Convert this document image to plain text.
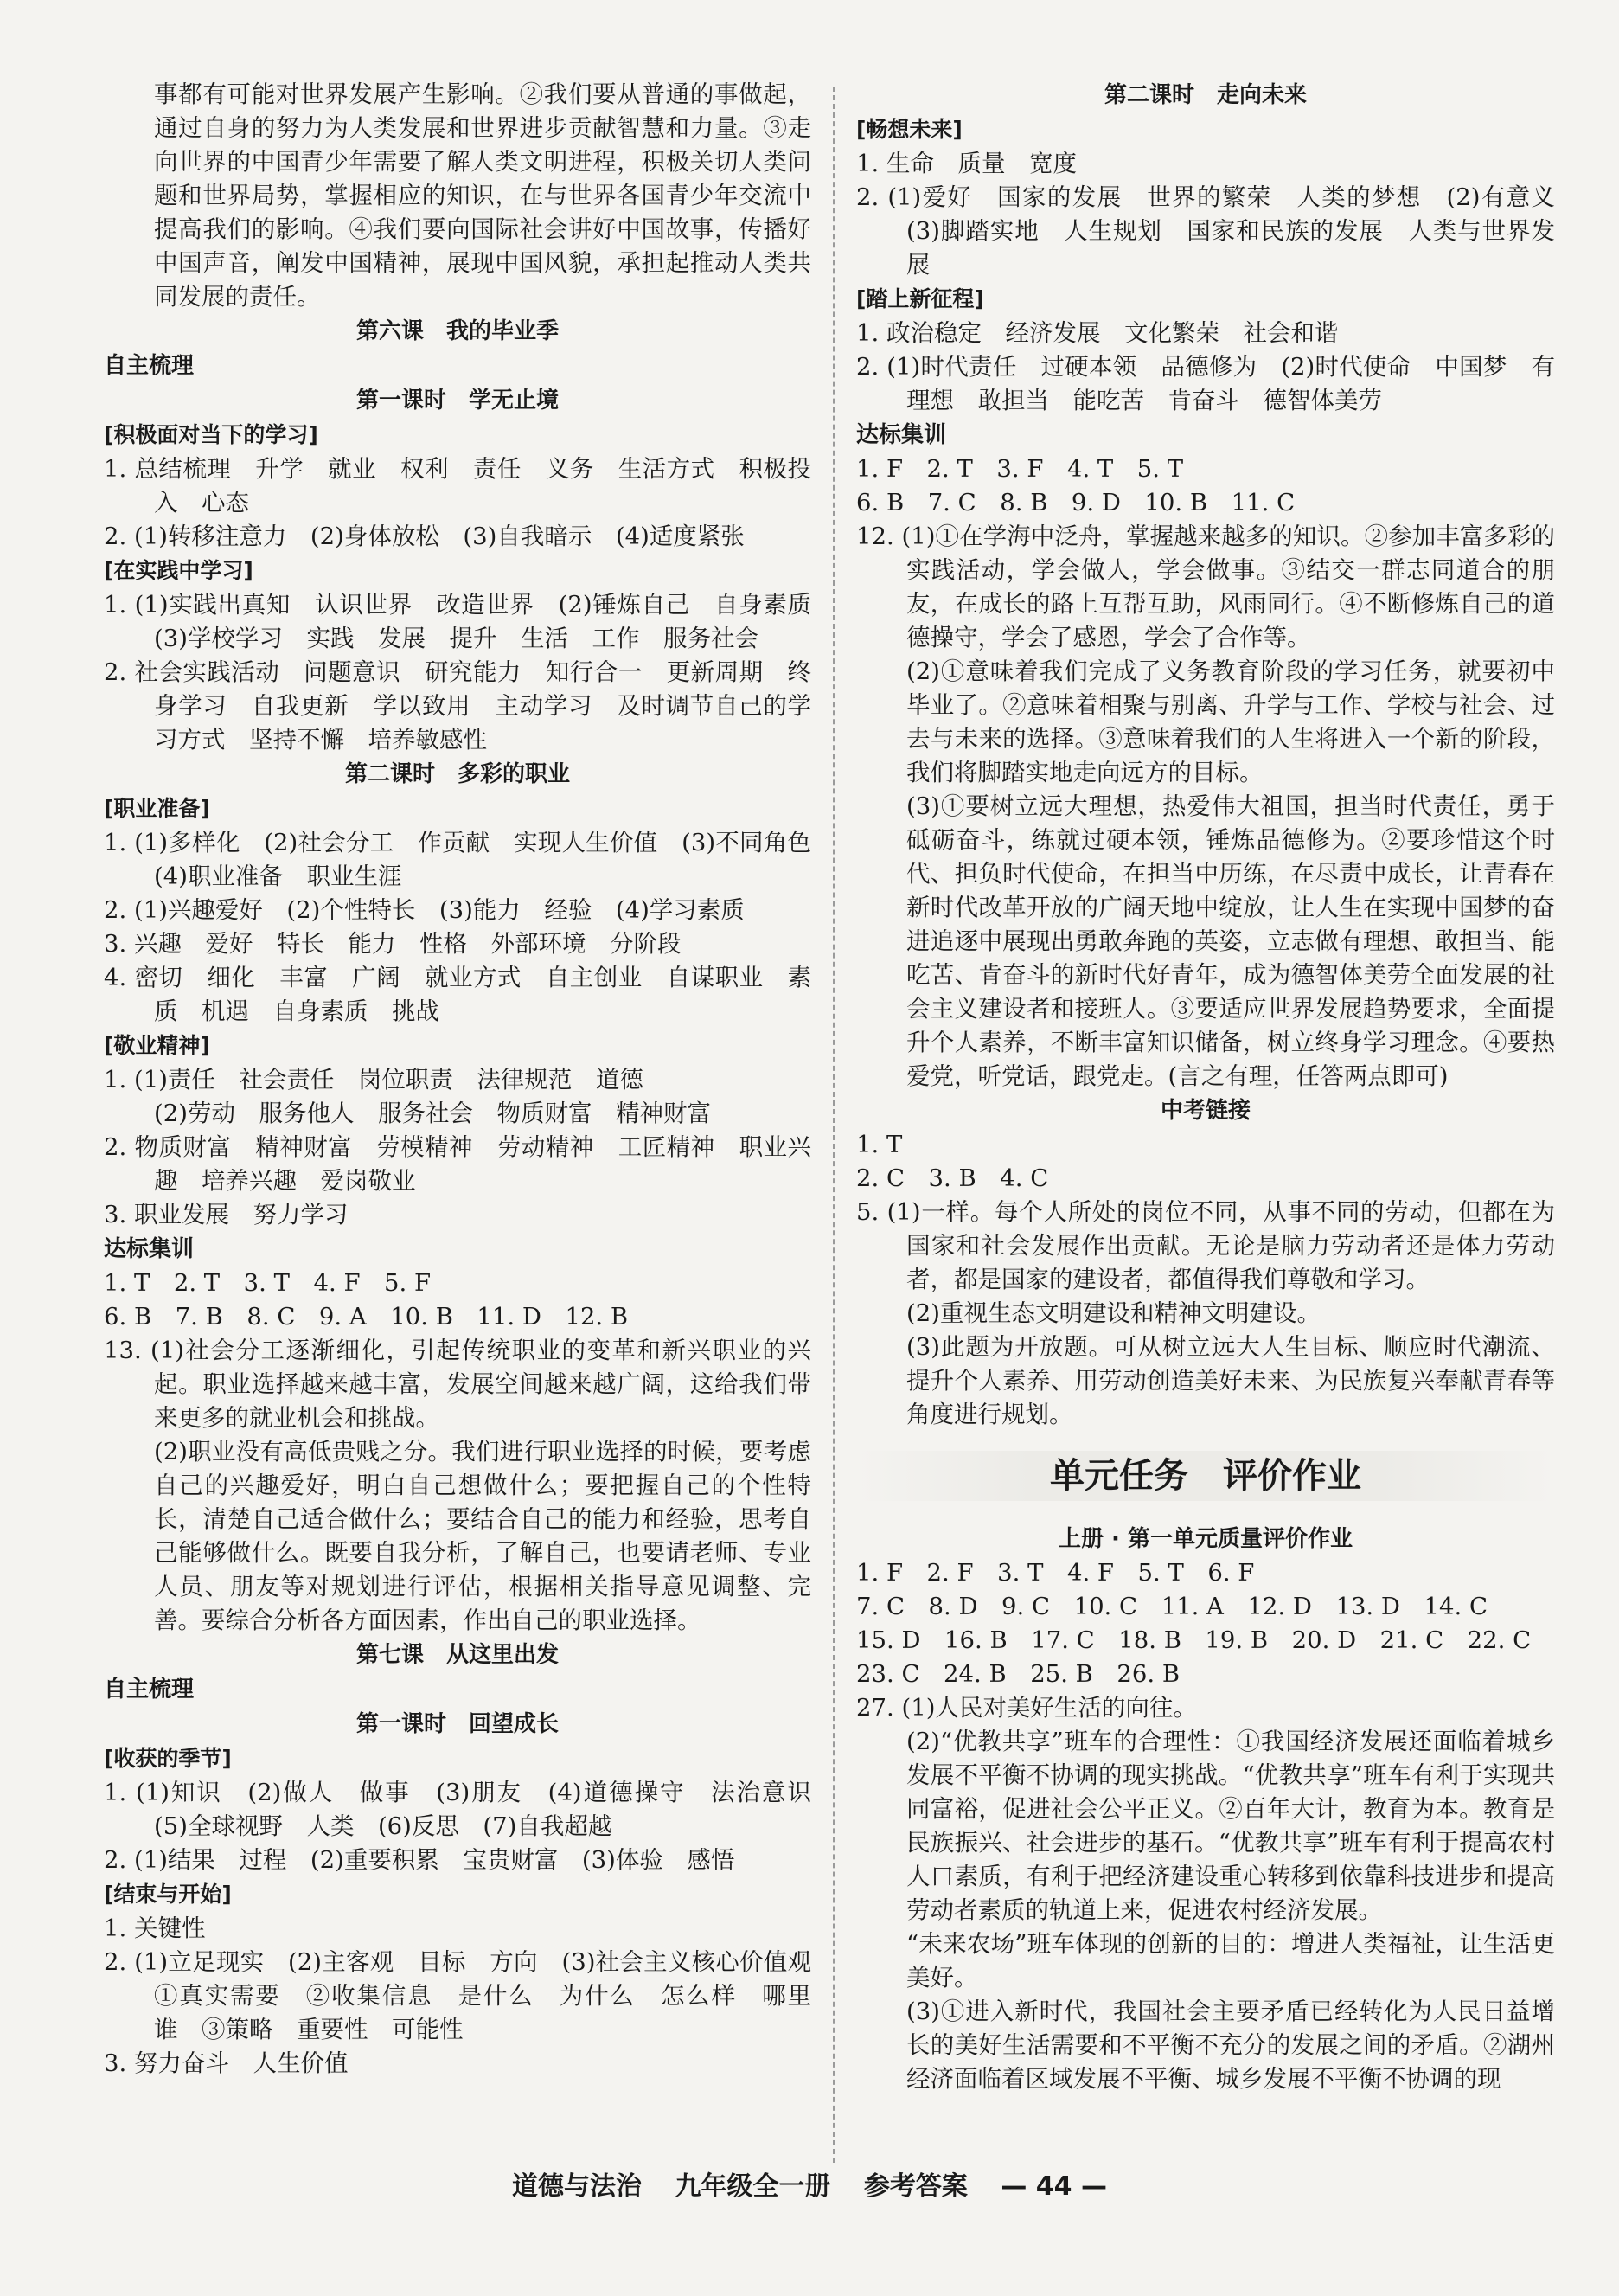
事都有可能对世界发展产生影响。②我们要从普通的事做起，通过自身的努力为人类发展和世界进步贡献智慧和力量。③走向世界的中国青少年需要了解人类文明进程，积极关切人类问题和世界局势，掌握相应的知识，在与世界各国青少年交流中提高我们的影响。④我们要向国际社会讲好中国故事，传播好中国声音，阐发中国精神，展现中国风貌，承担起推动人类共同发展的责任。

第六课　我的毕业季

自主梳理

第一课时　学无止境

[积极面对当下的学习]

1. 总结梳理　升学　就业　权利　责任　义务　生活方式　积极投入　心态

2. (1)转移注意力　(2)身体放松　(3)自我暗示　(4)适度紧张

[在实践中学习]

1. (1)实践出真知　认识世界　改造世界　(2)锤炼自己　自身素质　(3)学校学习　实践　发展　提升　生活　工作　服务社会

2. 社会实践活动　问题意识　研究能力　知行合一　更新周期　终身学习　自我更新　学以致用　主动学习　及时调节自己的学习方式　坚持不懈　培养敏感性

第二课时　多彩的职业

[职业准备]

1. (1)多样化　(2)社会分工　作贡献　实现人生价值　(3)不同角色　(4)职业准备　职业生涯

2. (1)兴趣爱好　(2)个性特长　(3)能力　经验　(4)学习素质

3. 兴趣　爱好　特长　能力　性格　外部环境　分阶段

4. 密切　细化　丰富　广阔　就业方式　自主创业　自谋职业　素质　机遇　自身素质　挑战

[敬业精神]

1. (1)责任　社会责任　岗位职责　法律规范　道德

(2)劳动　服务他人　服务社会　物质财富　精神财富

2. 物质财富　精神财富　劳模精神　劳动精神　工匠精神　职业兴趣　培养兴趣　爱岗敬业

3. 职业发展　努力学习

达标集训

1. T　2. T　3. T　4. F　5. F

6. B　7. B　8. C　9. A　10. B　11. D　12. B

13. (1)社会分工逐渐细化，引起传统职业的变革和新兴职业的兴起。职业选择越来越丰富，发展空间越来越广阔，这给我们带来更多的就业机会和挑战。

(2)职业没有高低贵贱之分。我们进行职业选择的时候，要考虑自己的兴趣爱好，明白自己想做什么；要把握自己的个性特长，清楚自己适合做什么；要结合自己的能力和经验，思考自己能够做什么。既要自我分析，了解自己，也要请老师、专业人员、朋友等对规划进行评估，根据相关指导意见调整、完善。要综合分析各方面因素，作出自己的职业选择。

第七课　从这里出发

自主梳理

第一课时　回望成长

[收获的季节]

1. (1)知识　(2)做人　做事　(3)朋友　(4)道德操守　法治意识　(5)全球视野　人类　(6)反思　(7)自我超越

2. (1)结果　过程　(2)重要积累　宝贵财富　(3)体验　感悟

[结束与开始]

1. 关键性

2. (1)立足现实　(2)主客观　目标　方向　(3)社会主义核心价值观　①真实需要　②收集信息　是什么　为什么　怎么样　哪里　谁　③策略　重要性　可能性

3. 努力奋斗　人生价值

第二课时　走向未来

[畅想未来]

1. 生命　质量　宽度

2. (1)爱好　国家的发展　世界的繁荣　人类的梦想　(2)有意义　(3)脚踏实地　人生规划　国家和民族的发展　人类与世界发展

[踏上新征程]

1. 政治稳定　经济发展　文化繁荣　社会和谐

2. (1)时代责任　过硬本领　品德修为　(2)时代使命　中国梦　有理想　敢担当　能吃苦　肯奋斗　德智体美劳

达标集训

1. F　2. T　3. F　4. T　5. T

6. B　7. C　8. B　9. D　10. B　11. C

12. (1)①在学海中泛舟，掌握越来越多的知识。②参加丰富多彩的实践活动，学会做人，学会做事。③结交一群志同道合的朋友，在成长的路上互帮互助，风雨同行。④不断修炼自己的道德操守，学会了感恩，学会了合作等。

(2)①意味着我们完成了义务教育阶段的学习任务，就要初中毕业了。②意味着相聚与别离、升学与工作、学校与社会、过去与未来的选择。③意味着我们的人生将进入一个新的阶段，我们将脚踏实地走向远方的目标。

(3)①要树立远大理想，热爱伟大祖国，担当时代责任，勇于砥砺奋斗，练就过硬本领，锤炼品德修为。②要珍惜这个时代、担负时代使命，在担当中历练，在尽责中成长，让青春在新时代改革开放的广阔天地中绽放，让人生在实现中国梦的奋进追逐中展现出勇敢奔跑的英姿，立志做有理想、敢担当、能吃苦、肯奋斗的新时代好青年，成为德智体美劳全面发展的社会主义建设者和接班人。③要适应世界发展趋势要求，全面提升个人素养，不断丰富知识储备，树立终身学习理念。④要热爱党，听党话，跟党走。(言之有理，任答两点即可)

中考链接

1. T

2. C　3. B　4. C

5. (1)一样。每个人所处的岗位不同，从事不同的劳动，但都在为国家和社会发展作出贡献。无论是脑力劳动者还是体力劳动者，都是国家的建设者，都值得我们尊敬和学习。

(2)重视生态文明建设和精神文明建设。

(3)此题为开放题。可从树立远大人生目标、顺应时代潮流、提升个人素养、用劳动创造美好未来、为民族复兴奉献青春等角度进行规划。

单元任务　评价作业

上册 · 第一单元质量评价作业

1. F　2. F　3. T　4. F　5. T　6. F

7. C　8. D　9. C　10. C　11. A　12. D　13. D　14. C

15. D　16. B　17. C　18. B　19. B　20. D　21. C　22. C

23. C　24. B　25. B　26. B

27. (1)人民对美好生活的向往。

(2)“优教共享”班车的合理性：①我国经济发展还面临着城乡发展不平衡不协调的现实挑战。“优教共享”班车有利于实现共同富裕，促进社会公平正义。②百年大计，教育为本。教育是民族振兴、社会进步的基石。“优教共享”班车有利于提高农村人口素质，有利于把经济建设重心转移到依靠科技进步和提高劳动者素质的轨道上来，促进农村经济发展。

“未来农场”班车体现的创新的目的：增进人类福祉，让生活更美好。

(3)①进入新时代，我国社会主要矛盾已经转化为人民日益增长的美好生活需要和不平衡不充分的发展之间的矛盾。②湖州经济面临着区域发展不平衡、城乡发展不平衡不协调的现

道德与法治 九年级全一册 参考答案 — 44 —
